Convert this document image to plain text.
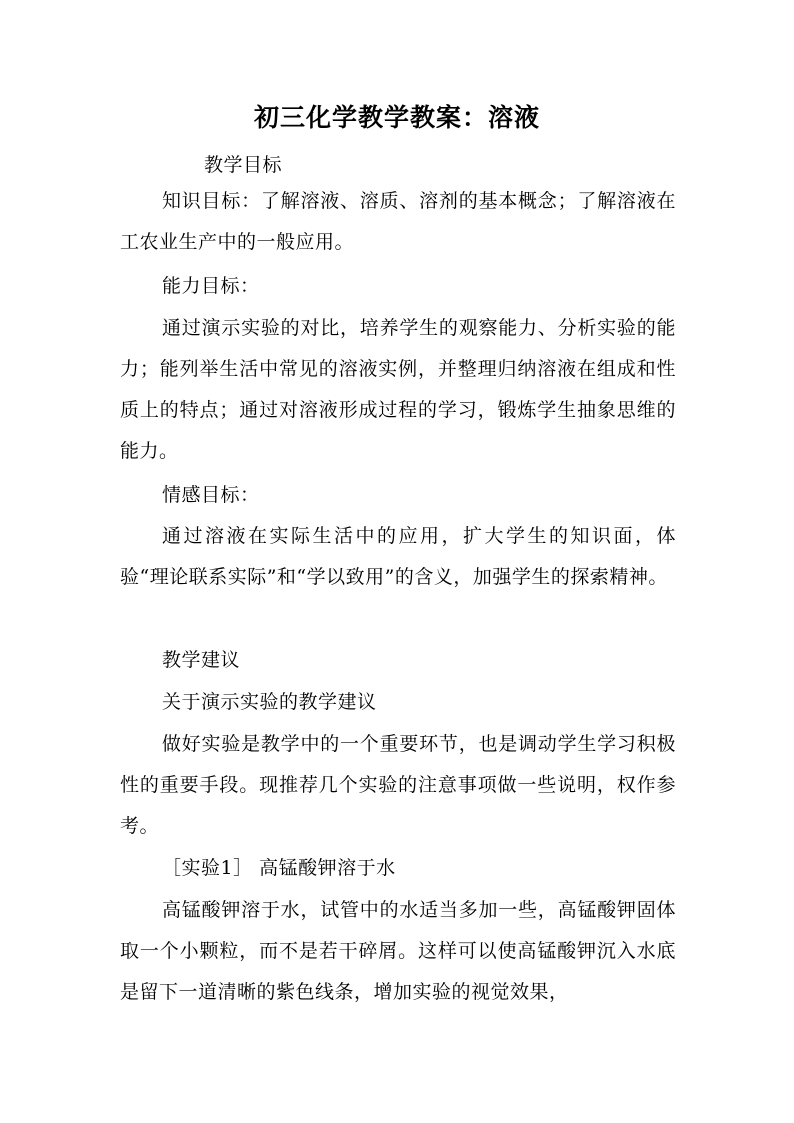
初三化学教学教案：溶液

教学目标

知识目标：了解溶液、溶质、溶剂的基本概念；了解溶液在工农业生产中的一般应用。

能力目标：

通过演示实验的对比，培养学生的观察能力、分析实验的能力；能列举生活中常见的溶液实例，并整理归纳溶液在组成和性质上的特点；通过对溶液形成过程的学习，锻炼学生抽象思维的能力。

情感目标：

通过溶液在实际生活中的应用，扩大学生的知识面，体验“理论联系实际”和“学以致用”的含义，加强学生的探索精神。

教学建议

关于演示实验的教学建议

做好实验是教学中的一个重要环节，也是调动学生学习积极性的重要手段。现推荐几个实验的注意事项做一些说明，权作参考。

［实验1］ 高锰酸钾溶于水

高锰酸钾溶于水，试管中的水适当多加一些，高锰酸钾固体取一个小颗粒，而不是若干碎屑。这样可以使高锰酸钾沉入水底是留下一道清晰的紫色线条，增加实验的视觉效果，
